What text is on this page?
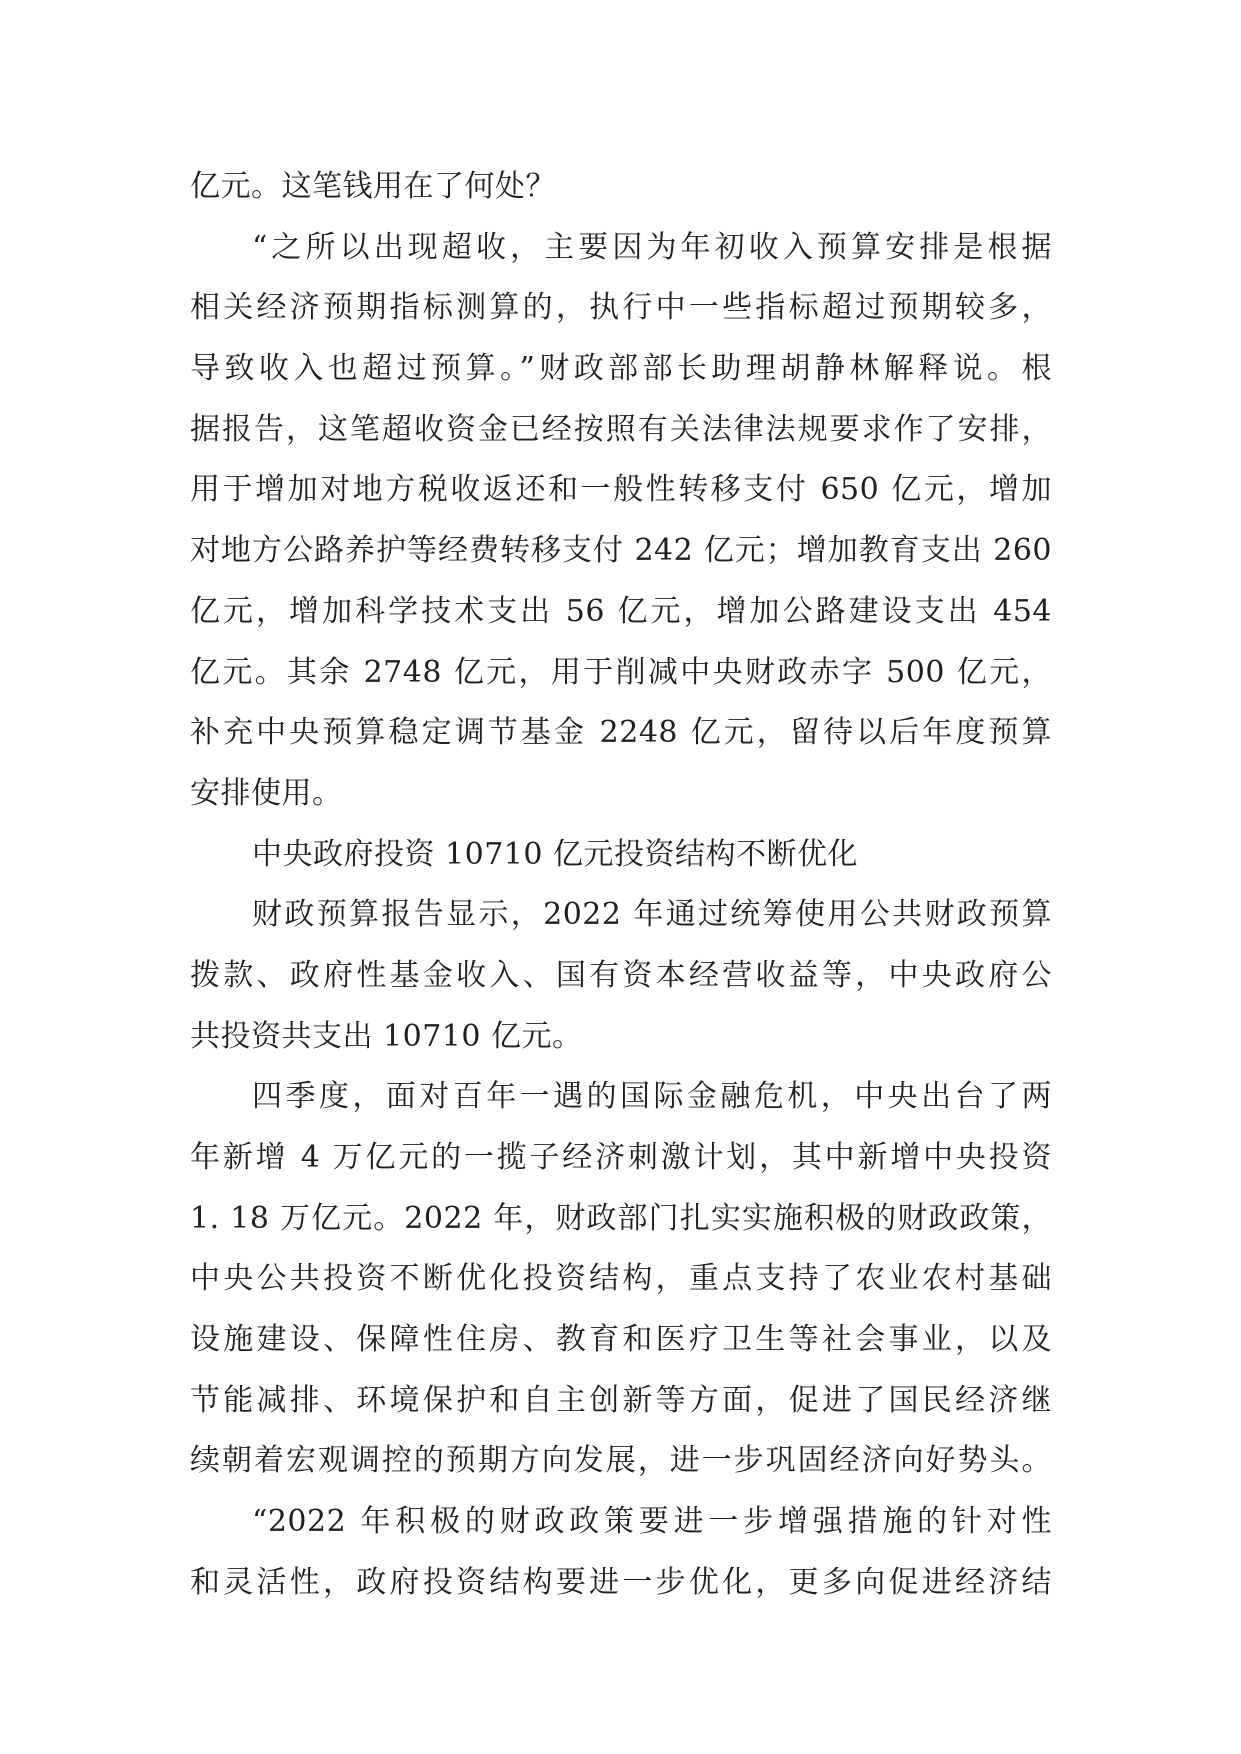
亿元。这笔钱用在了何处？
“之所以出现超收，主要因为年初收入预算安排是根据
相关经济预期指标测算的，执行中一些指标超过预期较多，
导致收入也超过预算。”财政部部长助理胡静林解释说。根
据报告，这笔超收资金已经按照有关法律法规要求作了安排，
用于增加对地方税收返还和一般性转移支付 650 亿元，增加
对地方公路养护等经费转移支付 242 亿元；增加教育支出 260
亿元，增加科学技术支出 56 亿元，增加公路建设支出 454
亿元。其余 2748 亿元，用于削减中央财政赤字 500 亿元，
补充中央预算稳定调节基金 2248 亿元，留待以后年度预算
安排使用。
中央政府投资 10710 亿元投资结构不断优化
财政预算报告显示，2022 年通过统筹使用公共财政预算
拨款、政府性基金收入、国有资本经营收益等，中央政府公
共投资共支出 10710 亿元。
四季度，面对百年一遇的国际金融危机，中央出台了两
年新增 4 万亿元的一揽子经济刺激计划，其中新增中央投资
1. 18 万亿元。2022 年，财政部门扎实实施积极的财政政策，
中央公共投资不断优化投资结构，重点支持了农业农村基础
设施建设、保障性住房、教育和医疗卫生等社会事业，以及
节能减排、环境保护和自主创新等方面，促进了国民经济继
续朝着宏观调控的预期方向发展，进一步巩固经济向好势头。
“2022 年积极的财政政策要进一步增强措施的针对性
和灵活性，政府投资结构要进一步优化，更多向促进经济结
